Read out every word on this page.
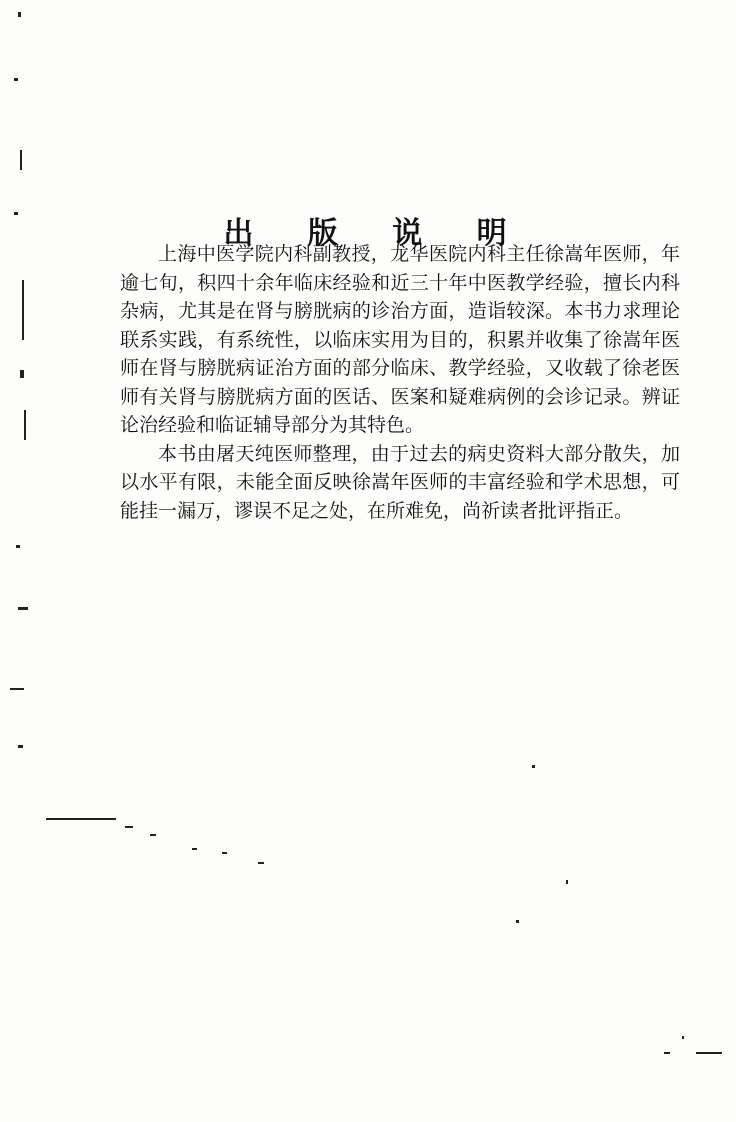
出 版 说 明

上海中医学院内科副教授，龙华医院内科主任徐嵩年医师，年逾七旬，积四十余年临床经验和近三十年中医教学经验，擅长内科杂病，尤其是在肾与膀胱病的诊治方面，造诣较深。本书力求理论联系实践，有系统性，以临床实用为目的，积累并收集了徐嵩年医师在肾与膀胱病证治方面的部分临床、教学经验，又收载了徐老医师有关肾与膀胱病方面的医话、医案和疑难病例的会诊记录。辨证论治经验和临证辅导部分为其特色。

本书由屠天纯医师整理，由于过去的病史资料大部分散失，加以水平有限，未能全面反映徐嵩年医师的丰富经验和学术思想，可能挂一漏万，谬误不足之处，在所难免，尚祈读者批评指正。
